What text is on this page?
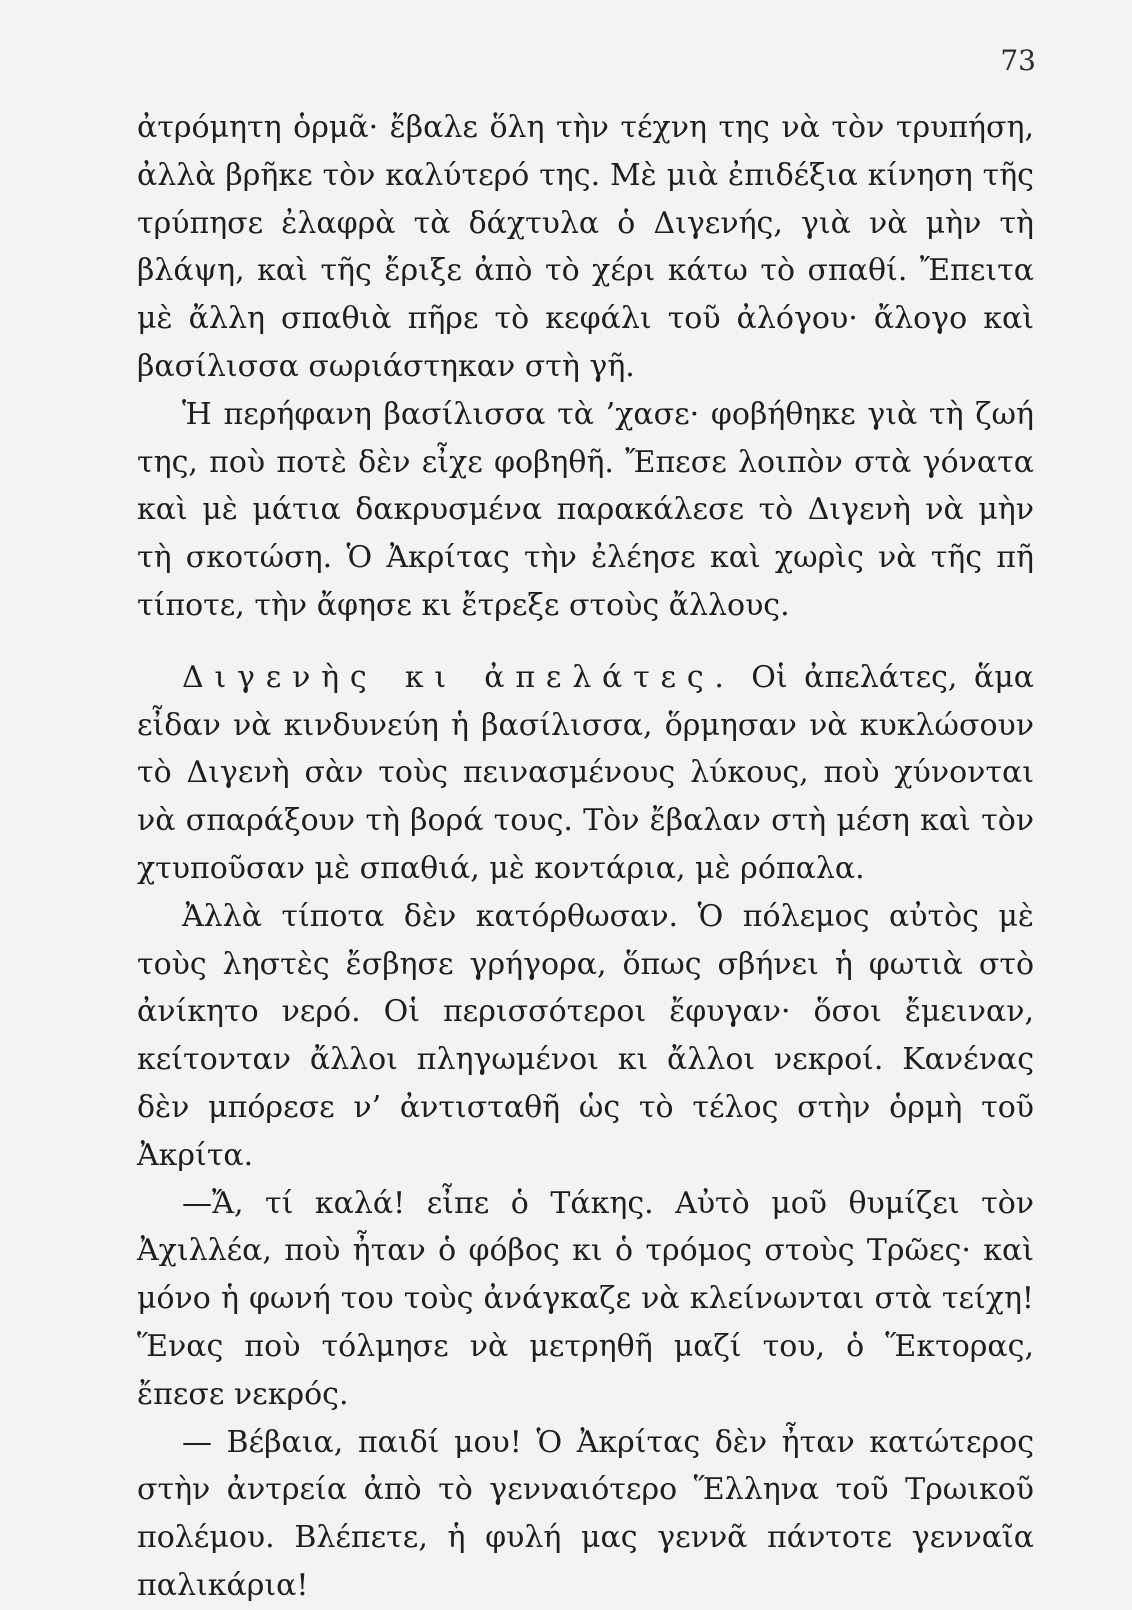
73

ἀτρόμητη ὁρμᾶ· ἔβαλε ὅλη τὴν τέχνη της νὰ τὸν τρυπήση, ἀλλὰ βρῆκε τὸν καλύτερό της. Μὲ μιὰ ἐπιδέξια κίνηση τῆς τρύπησε ἐλαφρὰ τὰ δάχτυλα ὁ Διγενής, γιὰ νὰ μὴν τὴ βλάψη, καὶ τῆς ἔριξε ἀπὸ τὸ χέρι κάτω τὸ σπαθί. Ἔπειτα μὲ ἄλλη σπαθιὰ πῆρε τὸ κεφάλι τοῦ ἀλόγου· ἄλογο καὶ βασίλισσα σωριάστηκαν στὴ γῆ.

Ἡ περήφανη βασίλισσα τὰ ’χασε· φοβήθηκε γιὰ τὴ ζωή της, ποὺ ποτὲ δὲν εἶχε φοβηθῆ. Ἔπεσε λοιπὸν στὰ γόνατα καὶ μὲ μάτια δακρυσμένα παρακάλεσε τὸ Διγενὴ νὰ μὴν τὴ σκοτώση. Ὁ Ἀκρίτας τὴν ἐλέησε καὶ χωρὶς νὰ τῆς πῆ τίποτε, τὴν ἄφησε κι ἔτρεξε στοὺς ἄλλους.

Διγενὴς κι ἀπελάτες. Οἱ ἀπελάτες, ἅμα εἶδαν νὰ κινδυνεύη ἡ βασίλισσα, ὅρμησαν νὰ κυκλώσουν τὸ Διγενὴ σὰν τοὺς πεινασμένους λύκους, ποὺ χύνονται νὰ σπαράξουν τὴ βορά τους. Τὸν ἔβαλαν στὴ μέση καὶ τὸν χτυποῦσαν μὲ σπαθιά, μὲ κοντάρια, μὲ ρόπαλα.

Ἀλλὰ τίποτα δὲν κατόρθωσαν. Ὁ πόλεμος αὐτὸς μὲ τοὺς ληστὲς ἔσβησε γρήγορα, ὅπως σβήνει ἡ φωτιὰ στὸ ἀνίκητο νερό. Οἱ περισσότεροι ἔφυγαν· ὅσοι ἔμειναν, κείτονταν ἄλλοι πληγωμένοι κι ἄλλοι νεκροί. Κανένας δὲν μπόρεσε ν’ ἀντισταθῆ ὡς τὸ τέλος στὴν ὁρμὴ τοῦ Ἀκρίτα.

—Ἄ, τί καλά! εἶπε ὁ Τάκης. Αὐτὸ μοῦ θυμίζει τὸν Ἀχιλλέα, ποὺ ἦταν ὁ φόβος κι ὁ τρόμος στοὺς Τρῶες· καὶ μόνο ἡ φωνή του τοὺς ἀνάγκαζε νὰ κλείνωνται στὰ τείχη! Ἕνας ποὺ τόλμησε νὰ μετρηθῆ μαζί του, ὁ Ἕκτορας, ἔπεσε νεκρός.

— Βέβαια, παιδί μου! Ὁ Ἀκρίτας δὲν ἦταν κατώτερος στὴν ἀντρεία ἀπὸ τὸ γενναιότερο Ἕλληνα τοῦ Τρωικοῦ πολέμου. Βλέπετε, ἡ φυλή μας γεννᾶ πάντοτε γενναῖα παλικάρια!
